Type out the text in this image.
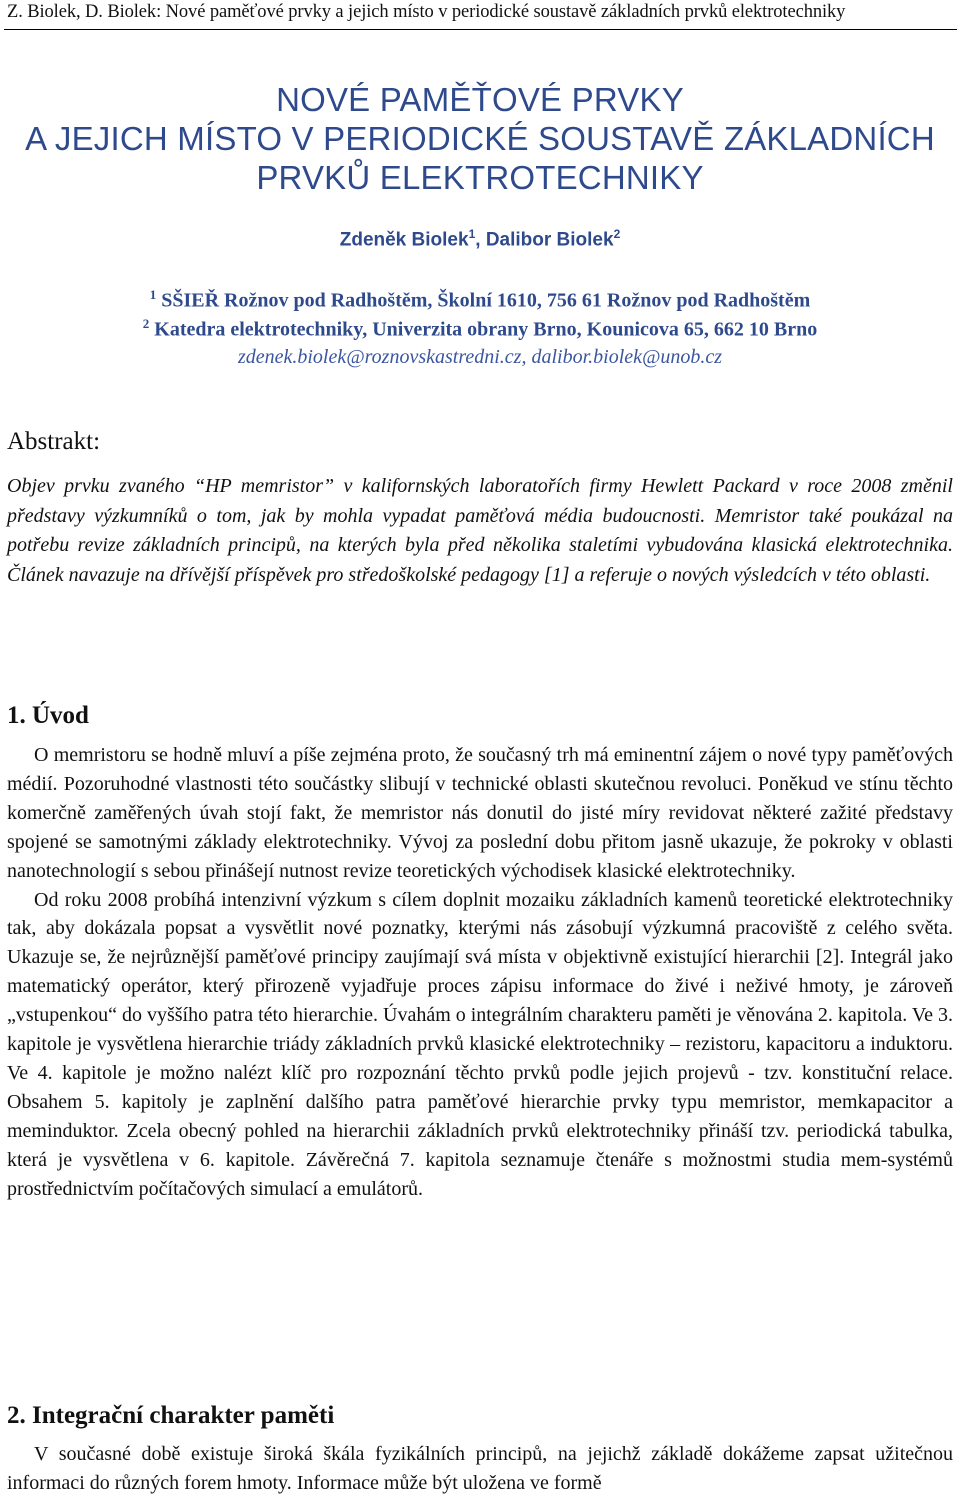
Z. Biolek, D. Biolek: Nové paměťové prvky a jejich místo v periodické soustavě základních prvků elektrotechniky
NOVÉ PAMĚŤOVÉ PRVKY
A JEJICH MÍSTO V PERIODICKÉ SOUSTAVĚ ZÁKLADNÍCH
PRVKŮ ELEKTROTECHNIKY
Zdeněk Biolek$^1$, Dalibor Biolek$^2$
$^1$ SŠIEŘ Rožnov pod Radhoštěm, Školní 1610, 756 61 Rožnov pod Radhoštěm
$^2$ Katedra elektrotechniky, Univerzita obrany Brno, Kounicova 65, 662 10 Brno
zdenek.biolek@roznovskastredni.cz, dalibor.biolek@unob.cz
Abstrakt:

Objev prvku zvaného “HP memristor” v kalifornských laboratořích firmy Hewlett Packard v roce 2008 změnil představy výzkumníků o tom, jak by mohla vypadat paměťová média budoucnosti. Memristor také poukázal na potřebu revize základních principů, na kterých byla před několika staletími vybudována klasická elektrotechnika. Článek navazuje na dřívější příspěvek pro středoškolské pedagogy [1] a referuje o nových výsledcích v této oblasti.

1. Úvod

O memristoru se hodně mluví a píše zejména proto, že současný trh má eminentní zájem o nové typy paměťových médií. Pozoruhodné vlastnosti této součástky slibují v technické oblasti skutečnou revoluci. Poněkud ve stínu těchto komerčně zaměřených úvah stojí fakt, že memristor nás donutil do jisté míry revidovat některé zažité představy spojené se samotnými základy elektrotechniky. Vývoj za poslední dobu přitom jasně ukazuje, že pokroky v oblasti nanotechnologií s sebou přinášejí nutnost revize teoretických východisek klasické elektrotechniky.

Od roku 2008 probíhá intenzivní výzkum s cílem doplnit mozaiku základních kamenů teoretické elektrotechniky tak, aby dokázala popsat a vysvětlit nové poznatky, kterými nás zásobují výzkumná pracoviště z celého světa. Ukazuje se, že nejrůznější paměťové principy zaujímají svá místa v objektivně existující hierarchii [2]. Integrál jako matematický operátor, který přirozeně vyjadřuje proces zápisu informace do živé i neživé hmoty, je zároveň „vstupenkou“ do vyššího patra této hierarchie. Úvahám o integrálním charakteru paměti je věnována 2. kapitola. Ve 3. kapitole je vysvětlena hierarchie triády základních prvků klasické elektrotechniky – rezistoru, kapacitoru a induktoru. Ve 4. kapitole je možno nalézt klíč pro rozpoznání těchto prvků podle jejich projevů - tzv. konstituční relace. Obsahem 5. kapitoly je zaplnění dalšího patra paměťové hierarchie prvky typu memristor, memkapacitor a meminduktor. Zcela obecný pohled na hierarchii základních prvků elektrotechniky přináší tzv. periodická tabulka, která je vysvětlena v 6. kapitole. Závěrečná 7. kapitola seznamuje čtenáře s možnostmi studia mem-systémů prostřednictvím počítačových simulací a emulátorů.

2. Integrační charakter paměti

V současné době existuje široká škála fyzikálních principů, na jejichž základě dokážeme zapsat užitečnou informaci do různých forem hmoty. Informace může být uložena ve formě
